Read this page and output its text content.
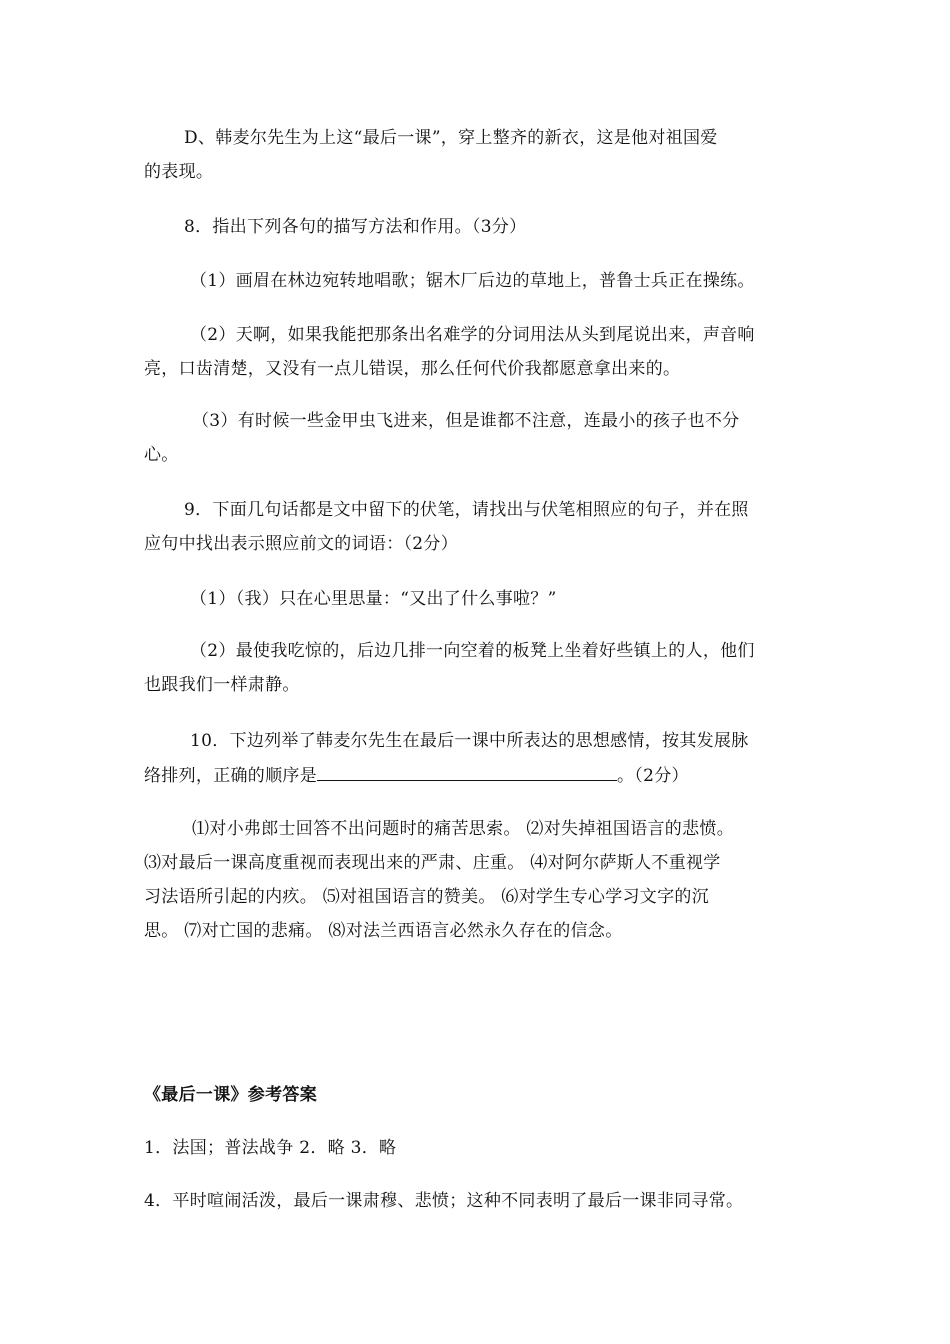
D、韩麦尔先生为上这“最后一课”，穿上整齐的新衣，这是他对祖国爱
的表现。

8．指出下列各句的描写方法和作用。（3分）

（1）画眉在林边宛转地唱歌；锯木厂后边的草地上，普鲁士兵正在操练。

（2）天啊，如果我能把那条出名难学的分词用法从头到尾说出来，声音响
亮，口齿清楚，又没有一点儿错误，那么任何代价我都愿意拿出来的。

（3）有时候一些金甲虫飞进来，但是谁都不注意，连最小的孩子也不分
心。

9．下面几句话都是文中留下的伏笔，请找出与伏笔相照应的句子，并在照
应句中找出表示照应前文的词语：（2分）

（1）（我）只在心里思量：“又出了什么事啦？”

（2）最使我吃惊的，后边几排一向空着的板凳上坐着好些镇上的人，他们
也跟我们一样肃静。

10．下边列举了韩麦尔先生在最后一课中所表达的思想感情，按其发展脉
络排列，正确的顺序是	。（2分）

⑴对小弗郎士回答不出问题时的痛苦思索。 ⑵对失掉祖国语言的悲愤。
⑶对最后一课高度重视而表现出来的严肃、庄重。 ⑷对阿尔萨斯人不重视学
习法语所引起的内疚。 ⑸对祖国语言的赞美。 ⑹对学生专心学习文字的沉
思。 ⑺对亡国的悲痛。 ⑻对法兰西语言必然永久存在的信念。

《最后一课》参考答案

1．法国；普法战争 2．略 3．略

4．平时喧闹活泼，最后一课肃穆、悲愤；这种不同表明了最后一课非同寻常。
